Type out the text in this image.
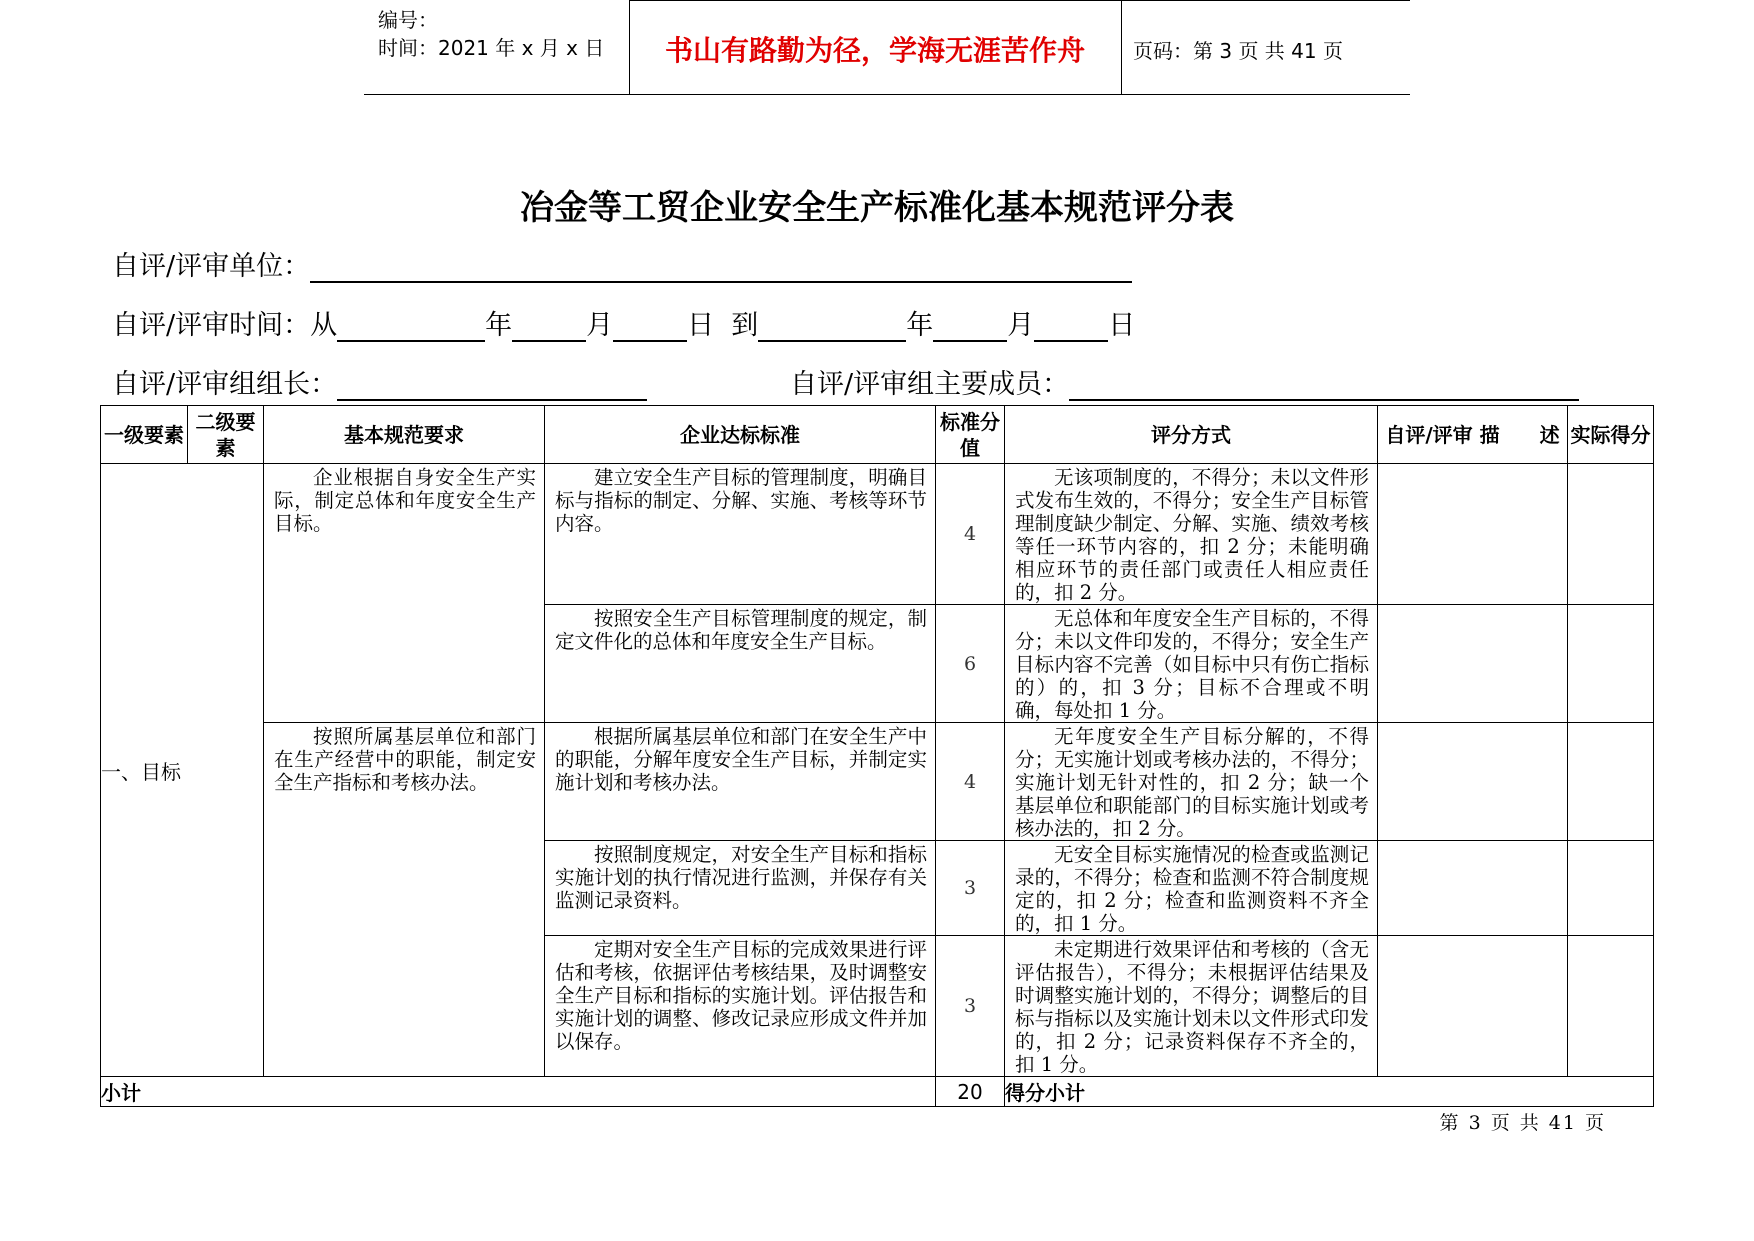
编号：
时间：2021 年 x 月 x 日	书山有路勤为径，学海无涯苦作舟	页码：第 3 页 共 41 页
冶金等工贸企业安全生产标准化基本规范评分表
自评/评审单位：
自评/评审时间：从	年	月	日 到	年	月	日
自评/评审组组长：	自评/评审组主要成员：
一级要素	二级要素	基本规范要求	企业达标标准	标准分值	评分方式	自评/评审 描　　述	实际得分
一、目标		企业根据自身安全生产实际，制定总体和年度安全生产目标。	建立安全生产目标的管理制度，明确目标与指标的制定、分解、实施、考核等环节内容。	4	无该项制度的，不得分；未以文件形式发布生效的，不得分；安全生产目标管理制度缺少制定、分解、实施、绩效考核等任一环节内容的，扣 2 分；未能明确相应环节的责任部门或责任人相应责任的，扣 2 分。		

			按照安全生产目标管理制度的规定，制定文件化的总体和年度安全生产目标。	6	无总体和年度安全生产目标的，不得分；未以文件印发的，不得分；安全生产目标内容不完善（如目标中只有伤亡指标的）的，扣 3 分；目标不合理或不明确，每处扣 1 分。		

		按照所属基层单位和部门在生产经营中的职能，制定安全生产指标和考核办法。	根据所属基层单位和部门在安全生产中的职能，分解年度安全生产目标，并制定实施计划和考核办法。	4	无年度安全生产目标分解的，不得分；无实施计划或考核办法的，不得分；实施计划无针对性的，扣 2 分；缺一个基层单位和职能部门的目标实施计划或考核办法的，扣 2 分。		

			按照制度规定，对安全生产目标和指标实施计划的执行情况进行监测，并保存有关监测记录资料。	3	无安全目标实施情况的检查或监测记录的，不得分；检查和监测不符合制度规定的，扣 2 分；检查和监测资料不齐全的，扣 1 分。		

			定期对安全生产目标的完成效果进行评估和考核，依据评估考核结果，及时调整安全生产目标和指标的实施计划。评估报告和实施计划的调整、修改记录应形成文件并加以保存。	3	未定期进行效果评估和考核的（含无评估报告），不得分；未根据评估结果及时调整实施计划的，不得分；调整后的目标与指标以及实施计划未以文件形式印发的，扣 2 分；记录资料保存不齐全的，扣 1 分。		

小计				20	得分小计		
第 3 页 共 41 页
